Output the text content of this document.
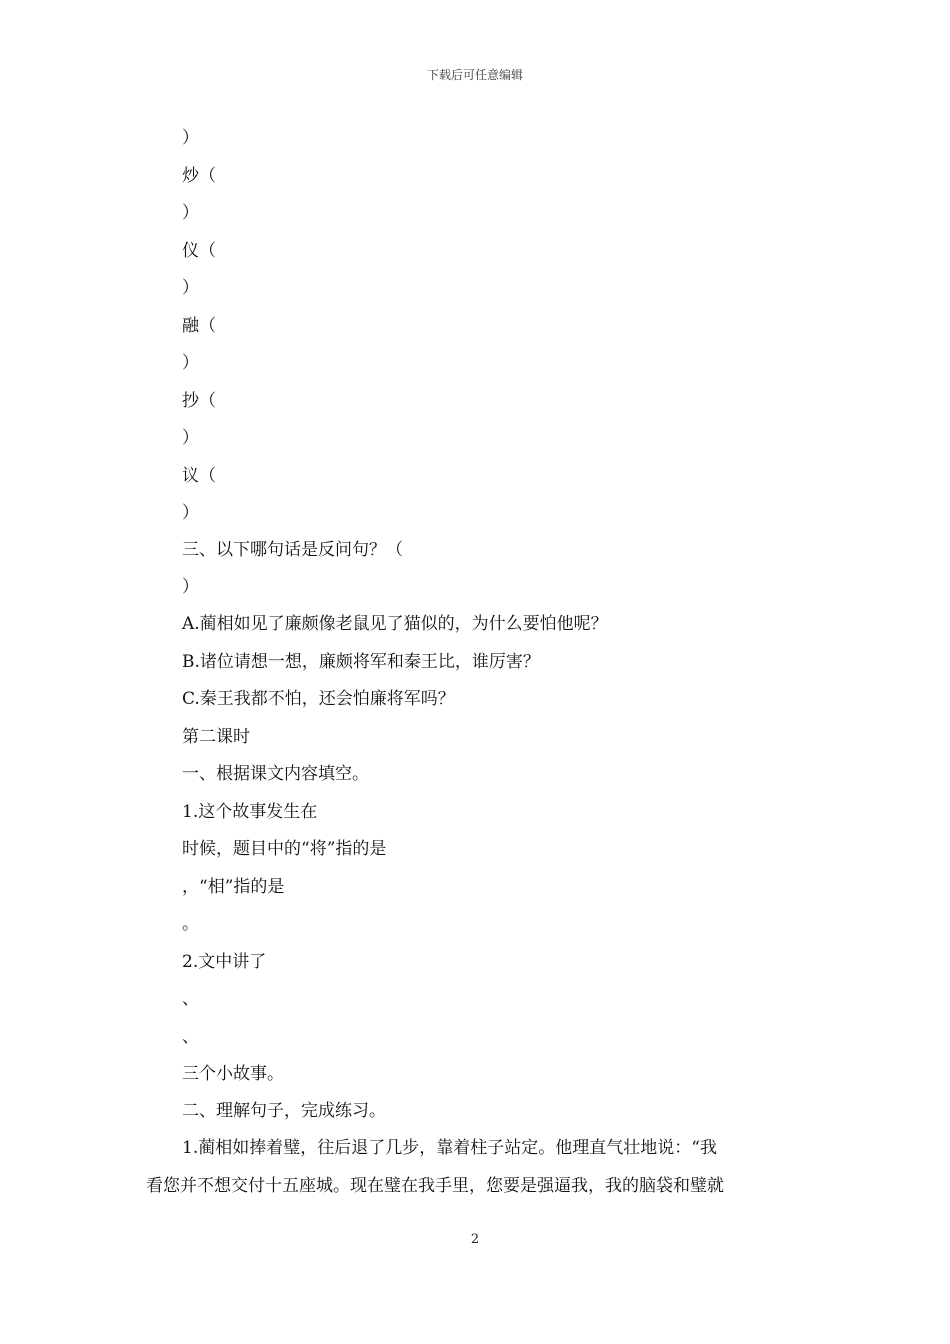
下载后可任意编辑
）
炒（
）
仪（
）
融（
）
抄（
）
议（
）
三、以下哪句话是反问句？（
）
A.蔺相如见了廉颇像老鼠见了猫似的，为什么要怕他呢？
B.诸位请想一想，廉颇将军和秦王比，谁厉害？
C.秦王我都不怕，还会怕廉将军吗？
第二课时
一、根据课文内容填空。
1.这个故事发生在
时候，题目中的“将”指的是
，“相”指的是
。
2.文中讲了
、
、
三个小故事。
二、理解句子，完成练习。
1.蔺相如捧着璧，往后退了几步，靠着柱子站定。他理直气壮地说：“我
看您并不想交付十五座城。现在璧在我手里，您要是强逼我，我的脑袋和璧就
2
